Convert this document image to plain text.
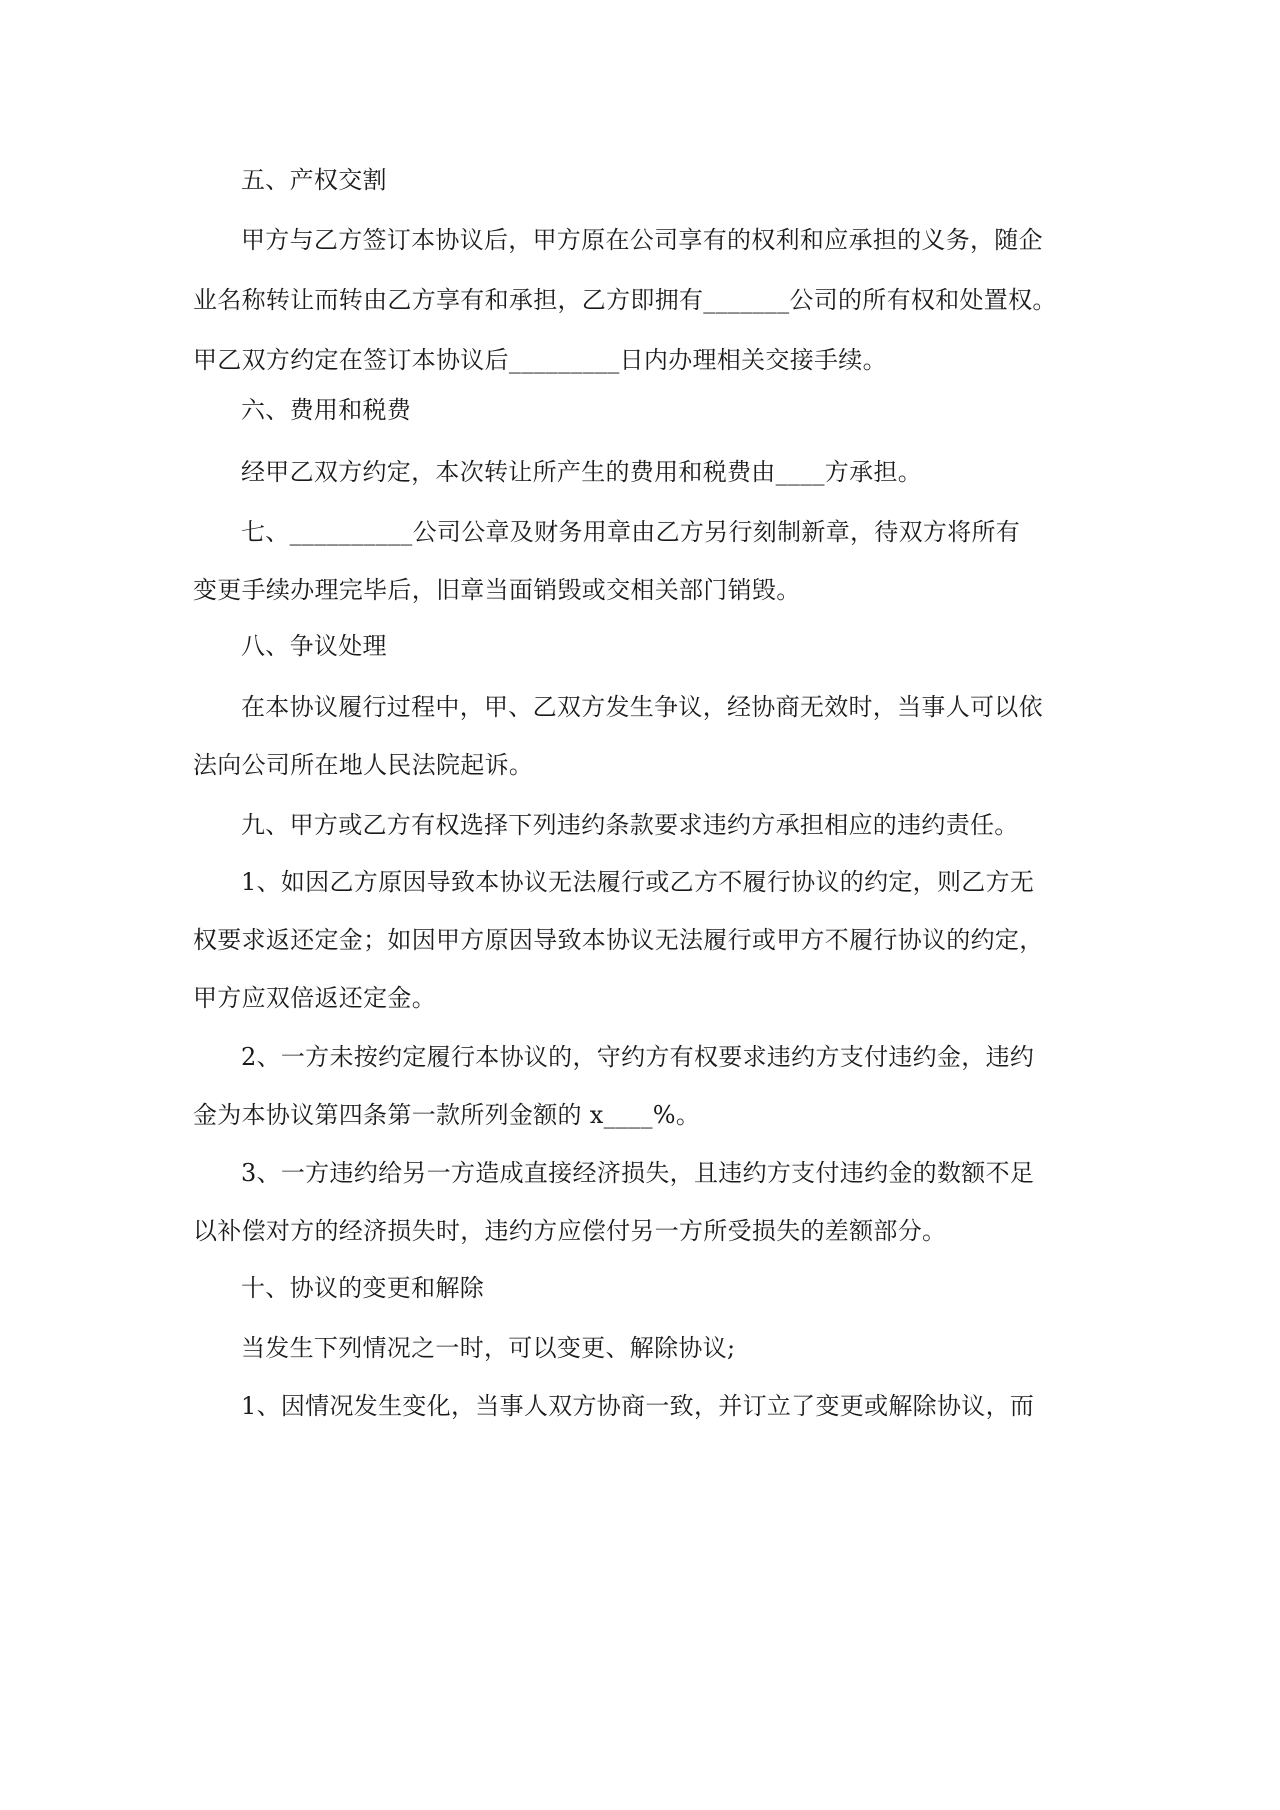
五、产权交割
甲方与乙方签订本协议后，甲方原在公司享有的权利和应承担的义务，随企
业名称转让而转由乙方享有和承担，乙方即拥有_______公司的所有权和处置权。
甲乙双方约定在签订本协议后_________日内办理相关交接手续。
六、费用和税费
经甲乙双方约定，本次转让所产生的费用和税费由____方承担。
七、__________公司公章及财务用章由乙方另行刻制新章，待双方将所有
变更手续办理完毕后，旧章当面销毁或交相关部门销毁。
八、争议处理
在本协议履行过程中，甲、乙双方发生争议，经协商无效时，当事人可以依
法向公司所在地人民法院起诉。
九、甲方或乙方有权选择下列违约条款要求违约方承担相应的违约责任。
1、如因乙方原因导致本协议无法履行或乙方不履行协议的约定，则乙方无
权要求返还定金；如因甲方原因导致本协议无法履行或甲方不履行协议的约定，
甲方应双倍返还定金。
2、一方未按约定履行本协议的，守约方有权要求违约方支付违约金，违约
金为本协议第四条第一款所列金额的 x____%。
3、一方违约给另一方造成直接经济损失，且违约方支付违约金的数额不足
以补偿对方的经济损失时，违约方应偿付另一方所受损失的差额部分。
十、协议的变更和解除
当发生下列情况之一时，可以变更、解除协议;
1、因情况发生变化，当事人双方协商一致，并订立了变更或解除协议，而
